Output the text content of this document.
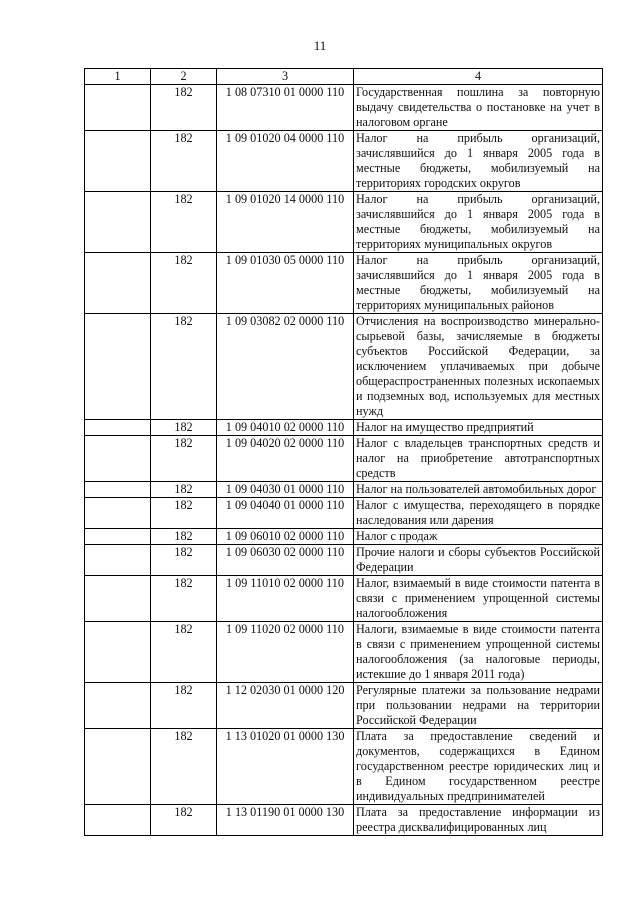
11
1	2	3	4
	182	1 08 07310 01 0000 110	Государственная пошлина за повторную выдачу свидетельства о постановке на учет в налоговом органе
	182	1 09 01020 04 0000 110	Налог на прибыль организаций, зачислявшийся до 1 января 2005 года в местные бюджеты, мобилизуемый на территориях городских округов
	182	1 09 01020 14 0000 110	Налог на прибыль организаций, зачислявшийся до 1 января 2005 года в местные бюджеты, мобилизуемый на территориях муниципальных округов
	182	1 09 01030 05 0000 110	Налог на прибыль организаций, зачислявшийся до 1 января 2005 года в местные бюджеты, мобилизуемый на территориях муниципальных районов
	182	1 09 03082 02 0000 110	Отчисления на воспроизводство минерально-сырьевой базы, зачисляемые в бюджеты субъектов Российской Федерации, за исключением уплачиваемых при добыче общераспространенных полезных ископаемых и подземных вод, используемых для местных нужд
	182	1 09 04010 02 0000 110	Налог на имущество предприятий
	182	1 09 04020 02 0000 110	Налог с владельцев транспортных средств и налог на приобретение автотранспортных средств
	182	1 09 04030 01 0000 110	Налог на пользователей автомобильных дорог
	182	1 09 04040 01 0000 110	Налог с имущества, переходящего в порядке наследования или дарения
	182	1 09 06010 02 0000 110	Налог с продаж
	182	1 09 06030 02 0000 110	Прочие налоги и сборы субъектов Российской Федерации
	182	1 09 11010 02 0000 110	Налог, взимаемый в виде стоимости патента в связи с применением упрощенной системы налогообложения
	182	1 09 11020 02 0000 110	Налоги, взимаемые в виде стоимости патента в связи с применением упрощенной системы налогообложения (за налоговые периоды, истекшие до 1 января 2011 года)
	182	1 12 02030 01 0000 120	Регулярные платежи за пользование недрами при пользовании недрами на территории Российской Федерации
	182	1 13 01020 01 0000 130	Плата за предоставление сведений и документов, содержащихся в Едином государственном реестре юридических лиц и в Едином государственном реестре индивидуальных предпринимателей
	182	1 13 01190 01 0000 130	Плата за предоставление информации из реестра дисквалифицированных лиц
